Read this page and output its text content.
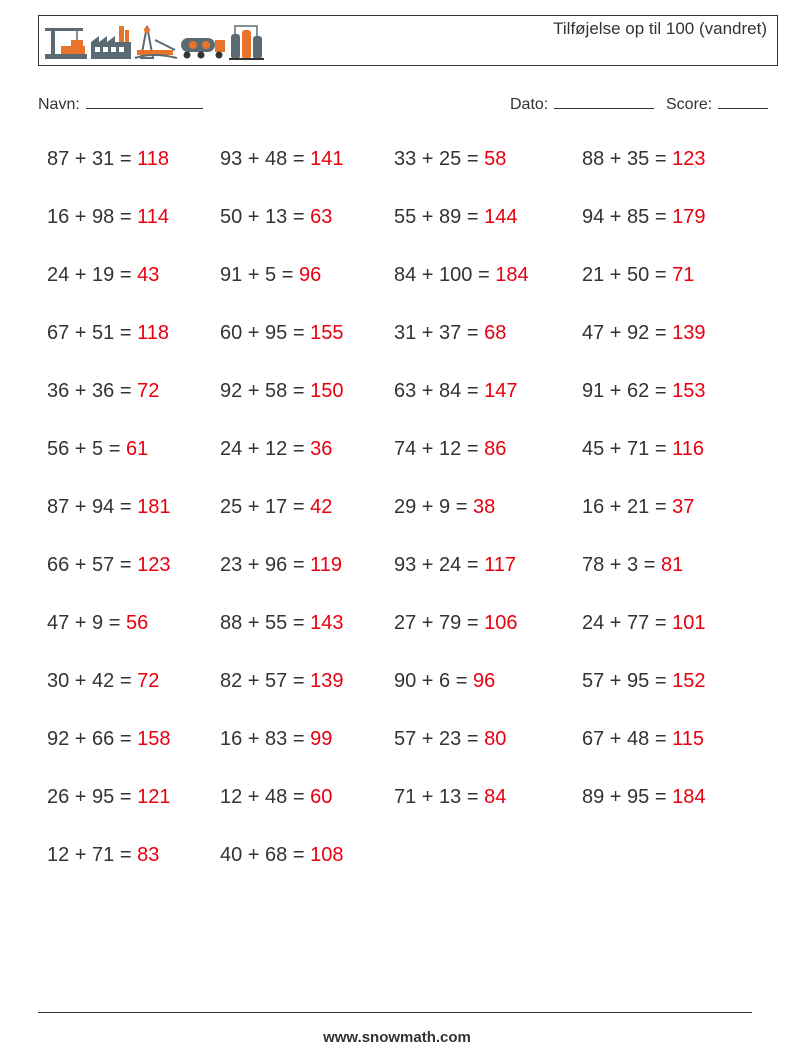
Tilføjelse op til 100 (vandret)
Navn:	Dato:	Score:
87 + 31 = 118
16 + 98 = 114
24 + 19 = 43
67 + 51 = 118
36 + 36 = 72
56 + 5 = 61
87 + 94 = 181
66 + 57 = 123
47 + 9 = 56
30 + 42 = 72
92 + 66 = 158
26 + 95 = 121
12 + 71 = 83
93 + 48 = 141
50 + 13 = 63
91 + 5 = 96
60 + 95 = 155
92 + 58 = 150
24 + 12 = 36
25 + 17 = 42
23 + 96 = 119
88 + 55 = 143
82 + 57 = 139
16 + 83 = 99
12 + 48 = 60
40 + 68 = 108
33 + 25 = 58
55 + 89 = 144
84 + 100 = 184
31 + 37 = 68
63 + 84 = 147
74 + 12 = 86
29 + 9 = 38
93 + 24 = 117
27 + 79 = 106
90 + 6 = 96
57 + 23 = 80
71 + 13 = 84
88 + 35 = 123
94 + 85 = 179
21 + 50 = 71
47 + 92 = 139
91 + 62 = 153
45 + 71 = 116
16 + 21 = 37
78 + 3 = 81
24 + 77 = 101
57 + 95 = 152
67 + 48 = 115
89 + 95 = 184
www.snowmath.com
